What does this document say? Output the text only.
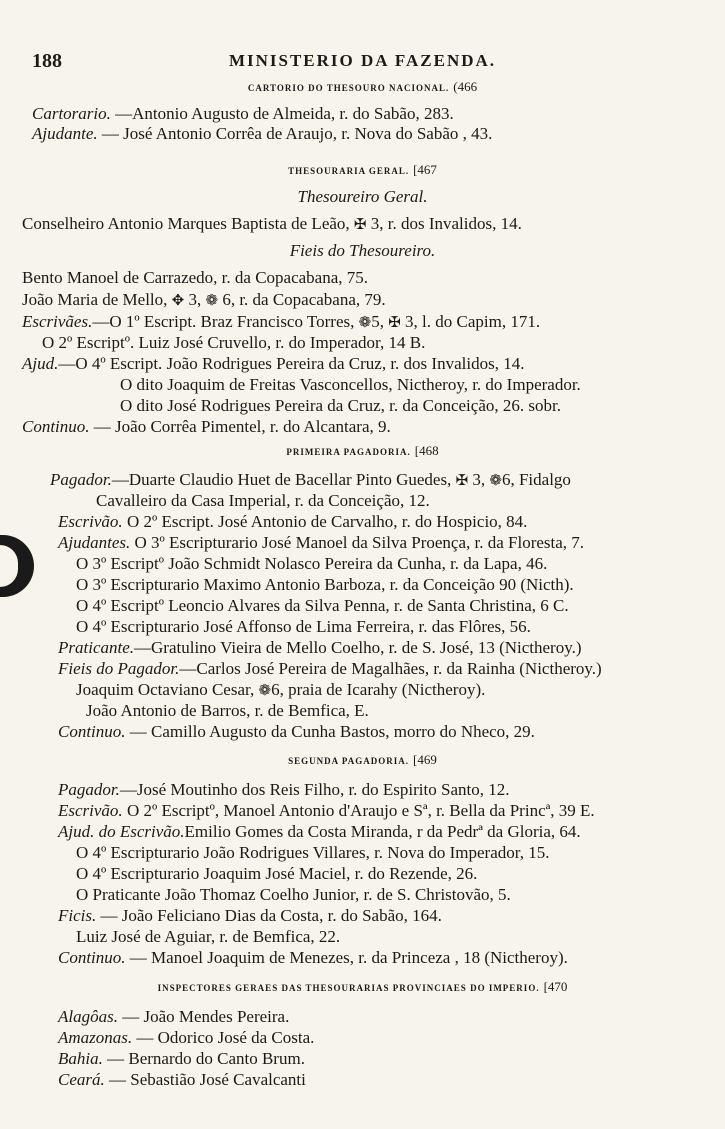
188	MINISTERIO DA FAZENDA.
CARTORIO DO THESOURO NACIONAL. (466
Cartorario. —Antonio Augusto de Almeida, r. do Sabão, 283.
Ajudante. — José Antonio Corrêa de Araujo, r. Nova do Sabão , 43.
THESOURARIA GERAL. [467
Thesoureiro Geral.
Conselheiro Antonio Marques Baptista de Leão, ✠ 3, r. dos Invalidos, 14.
Fieis do Thesoureiro.
Bento Manoel de Carrazedo, r. da Copacabana, 75.
João Maria de Mello, ✥ 3, ❁ 6, r. da Copacabana, 79.
Escrivães.—O 1º Escript. Braz Francisco Torres, ❁5, ✠ 3, l. do Capim, 171.
O 2º Escriptº. Luiz José Cruvello, r. do Imperador, 14 B.
Ajud.—O 4º Escript. João Rodrigues Pereira da Cruz, r. dos Invalidos, 14.
O dito Joaquim de Freitas Vasconcellos, Nictheroy, r. do Imperador.
O dito José Rodrigues Pereira da Cruz, r. da Conceição, 26. sobr.
Continuo. — João Corrêa Pimentel, r. do Alcantara, 9.
PRIMEIRA PAGADORIA. [468
Pagador.—Duarte Claudio Huet de Bacellar Pinto Guedes, ✠ 3, ❁6, Fidalgo
Cavalleiro da Casa Imperial, r. da Conceição, 12.
Escrivão. O 2º Escript. José Antonio de Carvalho, r. do Hospicio, 84.
Ajudantes. O 3º Escripturario José Manoel da Silva Proença, r. da Floresta, 7.
O 3º Escriptº João Schmidt Nolasco Pereira da Cunha, r. da Lapa, 46.
O 3º Escripturario Maximo Antonio Barboza, r. da Conceição 90 (Nicth).
O 4º Escriptº Leoncio Alvares da Silva Penna, r. de Santa Christina, 6 C.
O 4º Escripturario José Affonso de Lima Ferreira, r. das Flôres, 56.
Praticante.—Gratulino Vieira de Mello Coelho, r. de S. José, 13 (Nictheroy.)
Fieis do Pagador.—Carlos José Pereira de Magalhães, r. da Rainha (Nictheroy.)
Joaquim Octaviano Cesar, ❁6, praia de Icarahy (Nictheroy).
João Antonio de Barros, r. de Bemfica, E.
Continuo. — Camillo Augusto da Cunha Bastos, morro do Nheco, 29.
SEGUNDA PAGADORIA. [469
Pagador.—José Moutinho dos Reis Filho, r. do Espirito Santo, 12.
Escrivão. O 2º Escriptº, Manoel Antonio d'Araujo e Sª, r. Bella da Princª, 39 E.
Ajud. do Escrivão.Emilio Gomes da Costa Miranda, r da Pedrª da Gloria, 64.
O 4º Escripturario João Rodrigues Villares, r. Nova do Imperador, 15.
O 4º Escripturario Joaquim José Maciel, r. do Rezende, 26.
O Praticante João Thomaz Coelho Junior, r. de S. Christovão, 5.
Ficis. — João Feliciano Dias da Costa, r. do Sabão, 164.
Luiz José de Aguiar, r. de Bemfica, 22.
Continuo. — Manoel Joaquim de Menezes, r. da Princeza , 18 (Nictheroy).
INSPECTORES GERAES DAS THESOURARIAS PROVINCIAES DO IMPERIO. [470
Alagôas. — João Mendes Pereira.
Amazonas. — Odorico José da Costa.
Bahia. — Bernardo do Canto Brum.
Ceará. — Sebastião José Cavalcanti
